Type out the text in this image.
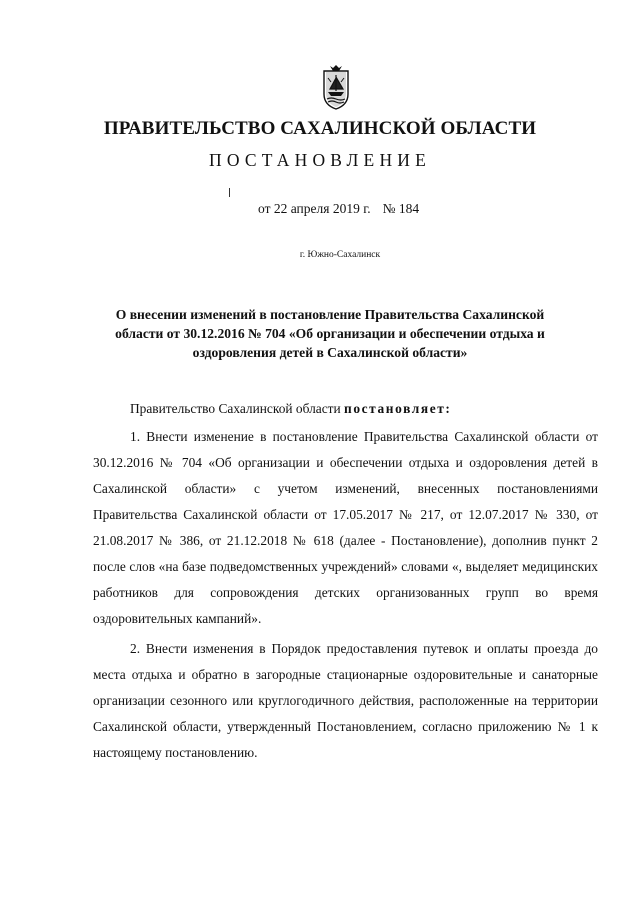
ПРАВИТЕЛЬСТВО САХАЛИНСКОЙ ОБЛАСТИ
ПОСТАНОВЛЕНИЕ
от 22 апреля 2019 г. № 184
г. Южно-Сахалинск
О внесении изменений в постановление Правительства Сахалинской области от 30.12.2016 № 704 «Об организации и обеспечении отдыха и оздоровления детей в Сахалинской области»

Правительство Сахалинской области постановляет:

1. Внести изменение в постановление Правительства Сахалинской области от 30.12.2016 № 704 «Об организации и обеспечении отдыха и оздоровления детей в Сахалинской области» с учетом изменений, внесенных постановлениями Правительства Сахалинской области от 17.05.2017 № 217, от 12.07.2017 № 330, от 21.08.2017 № 386, от 21.12.2018 № 618 (далее - Постановление), дополнив пункт 2 после слов «на базе подведомственных учреждений» словами «, выделяет медицинских работников для сопровождения детских организованных групп во время оздоровительных кампаний».

2. Внести изменения в Порядок предоставления путевок и оплаты проезда до места отдыха и обратно в загородные стационарные оздоровительные и санаторные организации сезонного или круглогодичного действия, расположенные на территории Сахалинской области, утвержденный Постановлением, согласно приложению № 1 к настоящему постановлению.
